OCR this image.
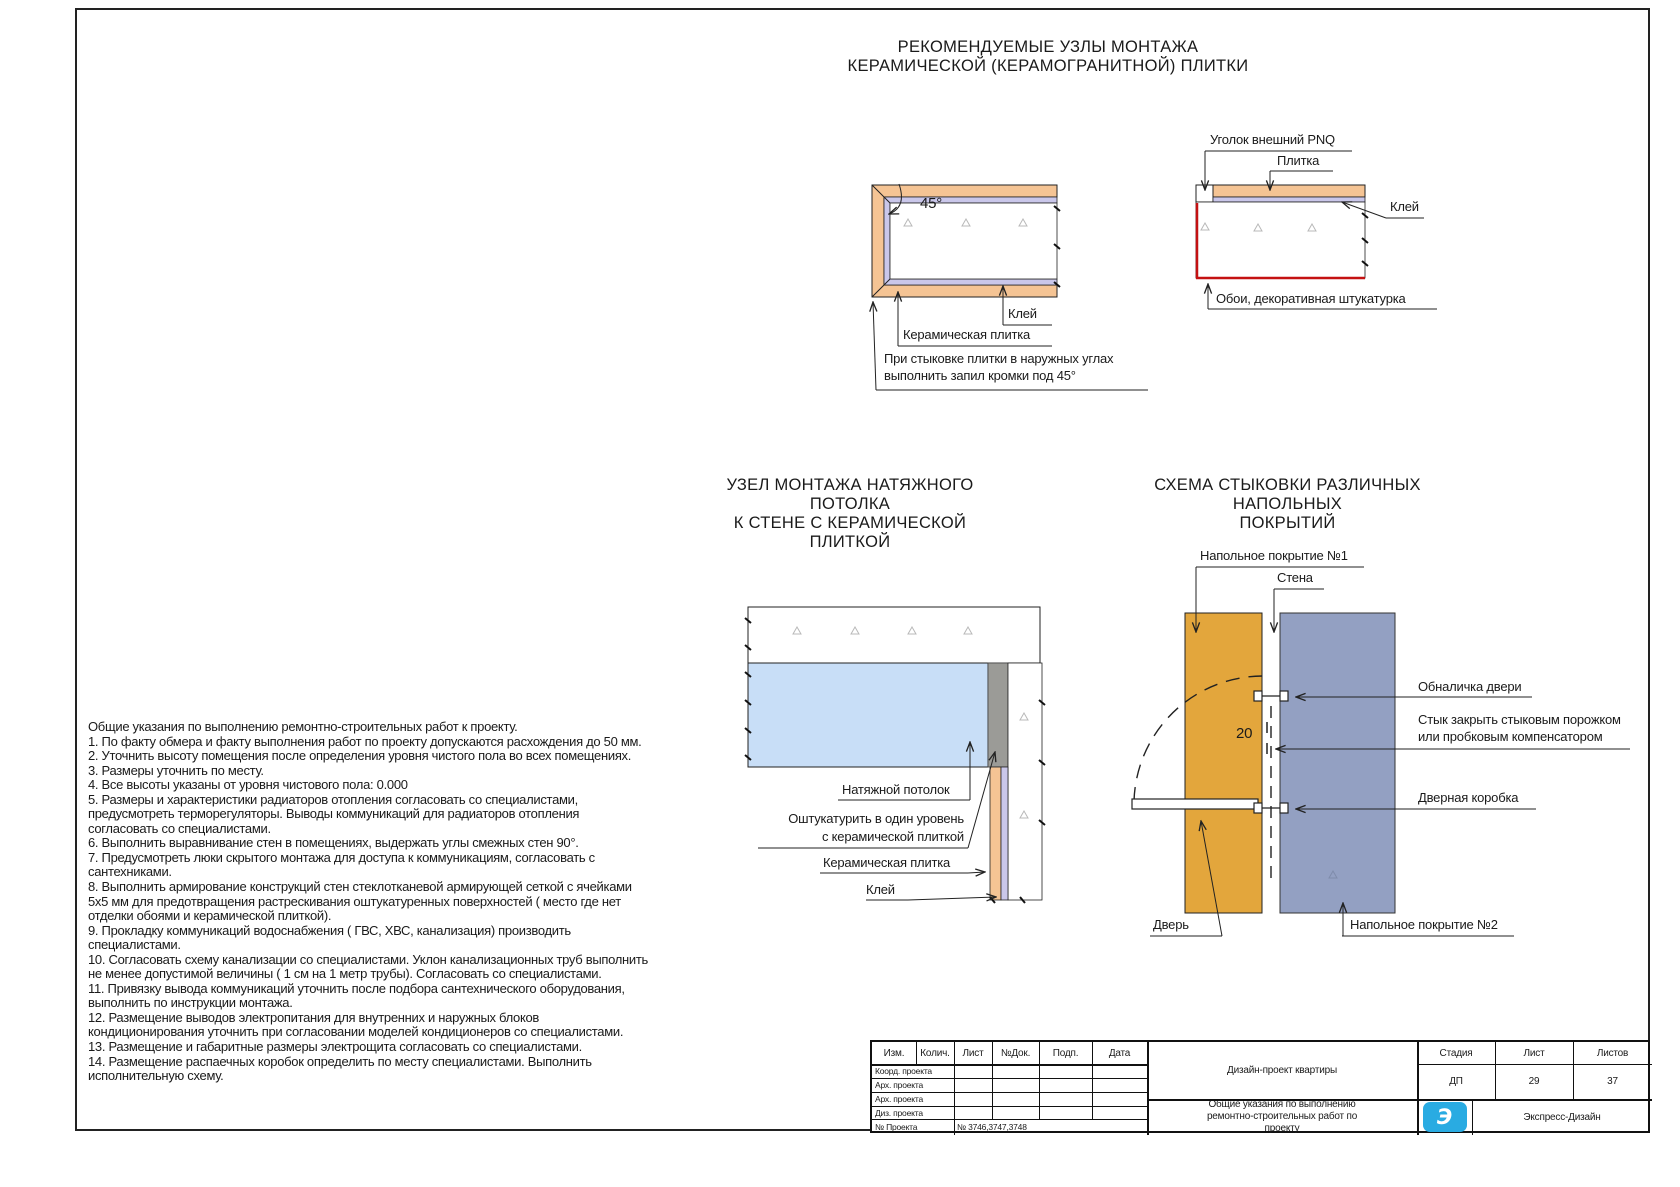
РЕКОМЕНДУЕМЫЕ УЗЛЫ МОНТАЖА
КЕРАМИЧЕСКОЙ (КЕРАМОГРАНИТНОЙ) ПЛИТКИ
УЗЕЛ МОНТАЖА НАТЯЖНОГО ПОТОЛКА
К СТЕНЕ С КЕРАМИЧЕСКОЙ ПЛИТКОЙ
СХЕМА СТЫКОВКИ РАЗЛИЧНЫХ НАПОЛЬНЫХ
ПОКРЫТИЙ
45°
Клей
Керамическая плитка
При стыковке плитки в наружных углах
выполнить запил кромки под 45°
Уголок внешний PNQ
Плитка
Клей
Обои, декоративная штукатурка
Натяжной потолок
Оштукатурить в один уровень
с керамической плиткой
Керамическая плитка
Клей
Напольное покрытие №1
Стена
Обналичка двери
Стык закрыть стыковым порожком
или пробковым компенсатором
20
Дверная коробка
Дверь	Напольное покрытие №2
Общие указания по выполнению ремонтно-строительных работ к проекту.
1. По факту обмера и факту выполнения работ по проекту допускаются расхождения до 50 мм.
2. Уточнить высоту помещения после определения уровня чистого пола во всех помещениях.
3. Размеры уточнить по месту.
4. Все высоты указаны от уровня чистового пола: 0.000
5. Размеры и характеристики радиаторов отопления согласовать со специалистами,
предусмотреть терморегуляторы. Выводы коммуникаций для радиаторов отопления
согласовать со специалистами.
6. Выполнить выравнивание стен в помещениях, выдержать углы смежных стен 90°.
7. Предусмотреть люки скрытого монтажа для доступа к коммуникациям, согласовать с
сантехниками.
8. Выполнить армирование конструкций стен стеклотканевой армирующей сеткой с ячейками
5х5 мм для предотвращения растрескивания оштукатуренных поверхностей ( место где нет
отделки обоями и керамической плиткой).
9. Прокладку коммуникаций водоснабжения ( ГВС, ХВС, канализация) производить
специалистами.
10. Согласовать схему канализации со специалистами. Уклон канализационных труб выполнить
не менее допустимой величины ( 1 см на 1 метр трубы). Согласовать со специалистами.
11. Привязку вывода коммуникаций уточнить после подбора сантехнического оборудования,
выполнить по инструкции монтажа.
12. Размещение выводов электропитания для внутренних и наружных блоков
кондиционирования уточнить при согласовании моделей кондиционеров со специалистами.
13. Размещение и габаритные размеры электрощита согласовать со специалистами.
14. Размещение распаечных коробок определить по месту специалистами. Выполнить
исполнительную схему.
Изм.	Колич.	Лист	№Док.	Подп.	Дата
Коорд. проекта
Арх. проекта
Арх. проекта
Диз. проекта
№ Проекта	№ 3746,3747,3748
Дизайн-проект квартиры
Общие указания по выполнению
ремонтно-строительных работ по
проекту
Стадия	Лист	Листов
ДП	29	37
Э	Экспресс-Дизайн
